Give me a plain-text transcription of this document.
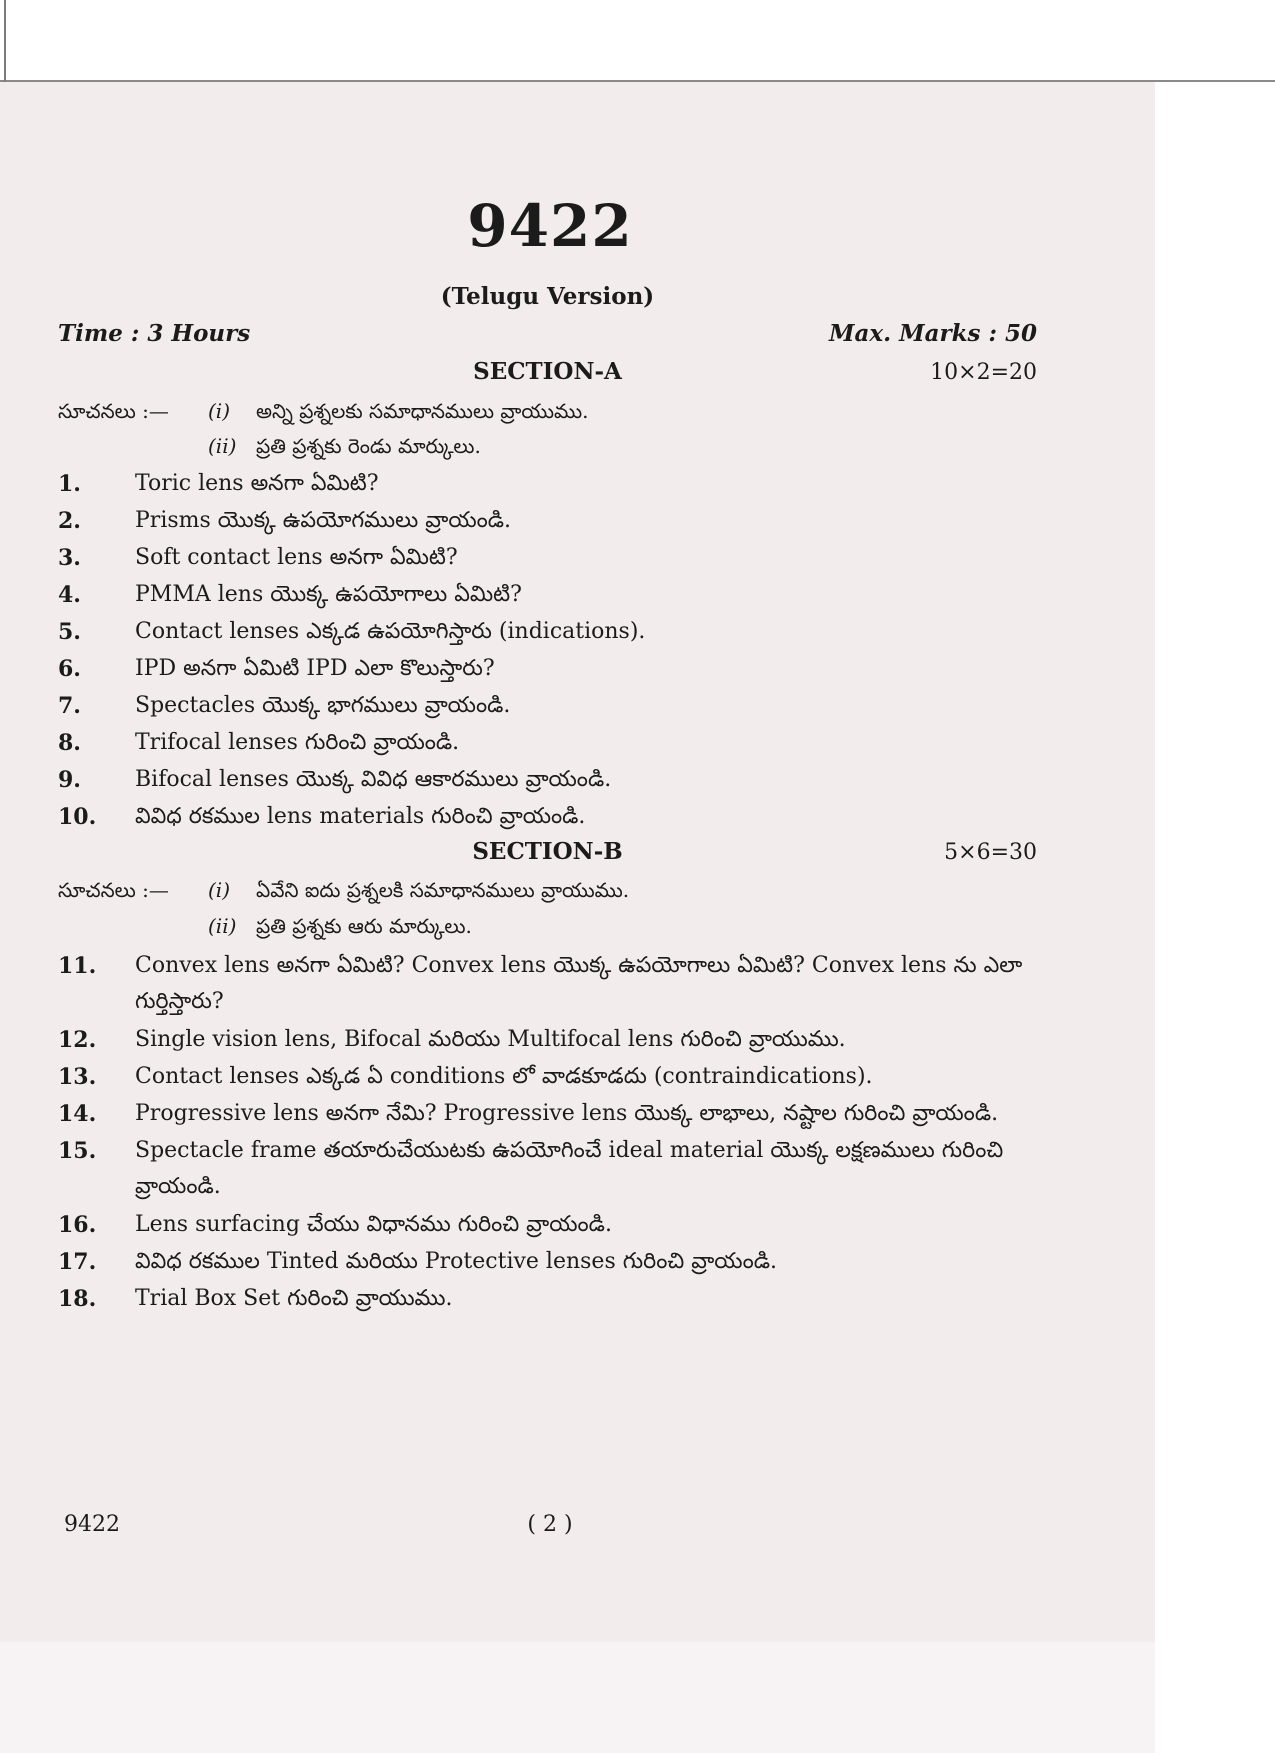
9422
(Telugu Version)
Time : 3 Hours	Max. Marks : 50
SECTION-A	10×2=20
సూచనలు :— (i) అన్ని ప్రశ్నలకు సమాధానములు వ్రాయుము.
(ii) ప్రతి ప్రశ్నకు రెండు మార్కులు.
1. Toric lens అనగా ఏమిటి?
2. Prisms యొక్క ఉపయోగములు వ్రాయండి.
3. Soft contact lens అనగా ఏమిటి?
4. PMMA lens యొక్క ఉపయోగాలు ఏమిటి?
5. Contact lenses ఎక్కడ ఉపయోగిస్తారు (indications).
6. IPD అనగా ఏమిటి IPD ఎలా కొలుస్తారు?
7. Spectacles యొక్క భాగములు వ్రాయండి.
8. Trifocal lenses గురించి వ్రాయండి.
9. Bifocal lenses యొక్క వివిధ ఆకారములు వ్రాయండి.
10. వివిధ రకముల lens materials గురించి వ్రాయండి.
SECTION-B	5×6=30
సూచనలు :— (i) ఏవేని ఐదు ప్రశ్నలకి సమాధానములు వ్రాయుము.
(ii) ప్రతి ప్రశ్నకు ఆరు మార్కులు.
11. Convex lens అనగా ఏమిటి? Convex lens యొక్క ఉపయోగాలు ఏమిటి? Convex lens ను ఎలా గుర్తిస్తారు?
12. Single vision lens, Bifocal మరియు Multifocal lens గురించి వ్రాయుము.
13. Contact lenses ఎక్కడ ఏ conditions లో వాడకూడదు (contraindications).
14. Progressive lens అనగా నేమి? Progressive lens యొక్క లాభాలు, నష్టాల గురించి వ్రాయండి.
15. Spectacle frame తయారుచేయుటకు ఉపయోగించే ideal material యొక్క లక్షణములు గురించి వ్రాయండి.
16. Lens surfacing చేయు విధానము గురించి వ్రాయండి.
17. వివిధ రకముల Tinted మరియు Protective lenses గురించి వ్రాయండి.
18. Trial Box Set గురించి వ్రాయుము.
9422	( 2 )
